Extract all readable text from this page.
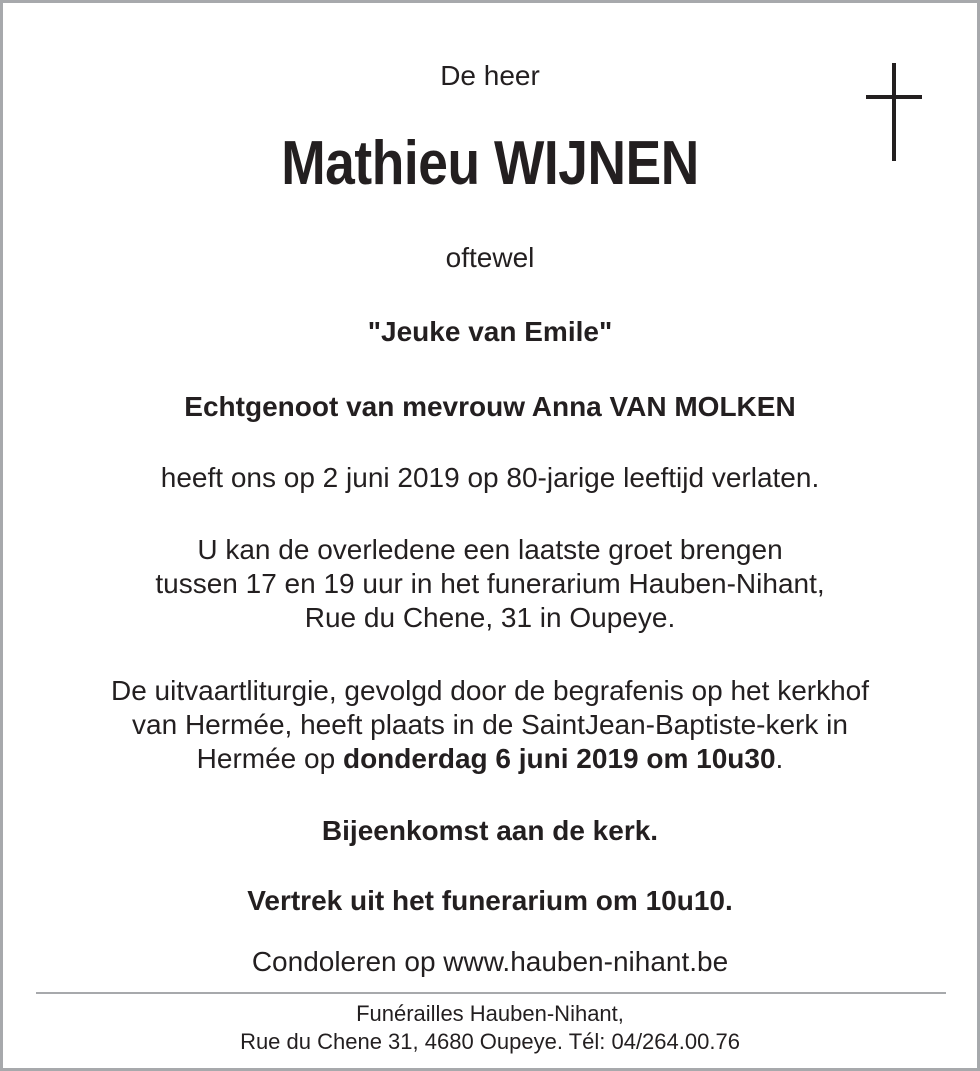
De heer

Mathieu WIJNEN

oftewel

"Jeuke van Emile"

Echtgenoot van mevrouw Anna VAN MOLKEN

heeft ons op 2 juni 2019 op 80-jarige leeftijd verlaten.

U kan de overledene een laatste groet brengen

tussen 17 en 19 uur in het funerarium Hauben-Nihant,

Rue du Chene, 31 in Oupeye.

De uitvaartliturgie, gevolgd door de begrafenis op het kerkhof

van Hermée, heeft plaats in de SaintJean-Baptiste-kerk in

Hermée op donderdag 6 juni 2019 om 10u30.

Bijeenkomst aan de kerk.

Vertrek uit het funerarium om 10u10.

Condoleren op www.hauben-nihant.be

Funérailles Hauben-Nihant,

Rue du Chene 31, 4680 Oupeye. Tél: 04/264.00.76
